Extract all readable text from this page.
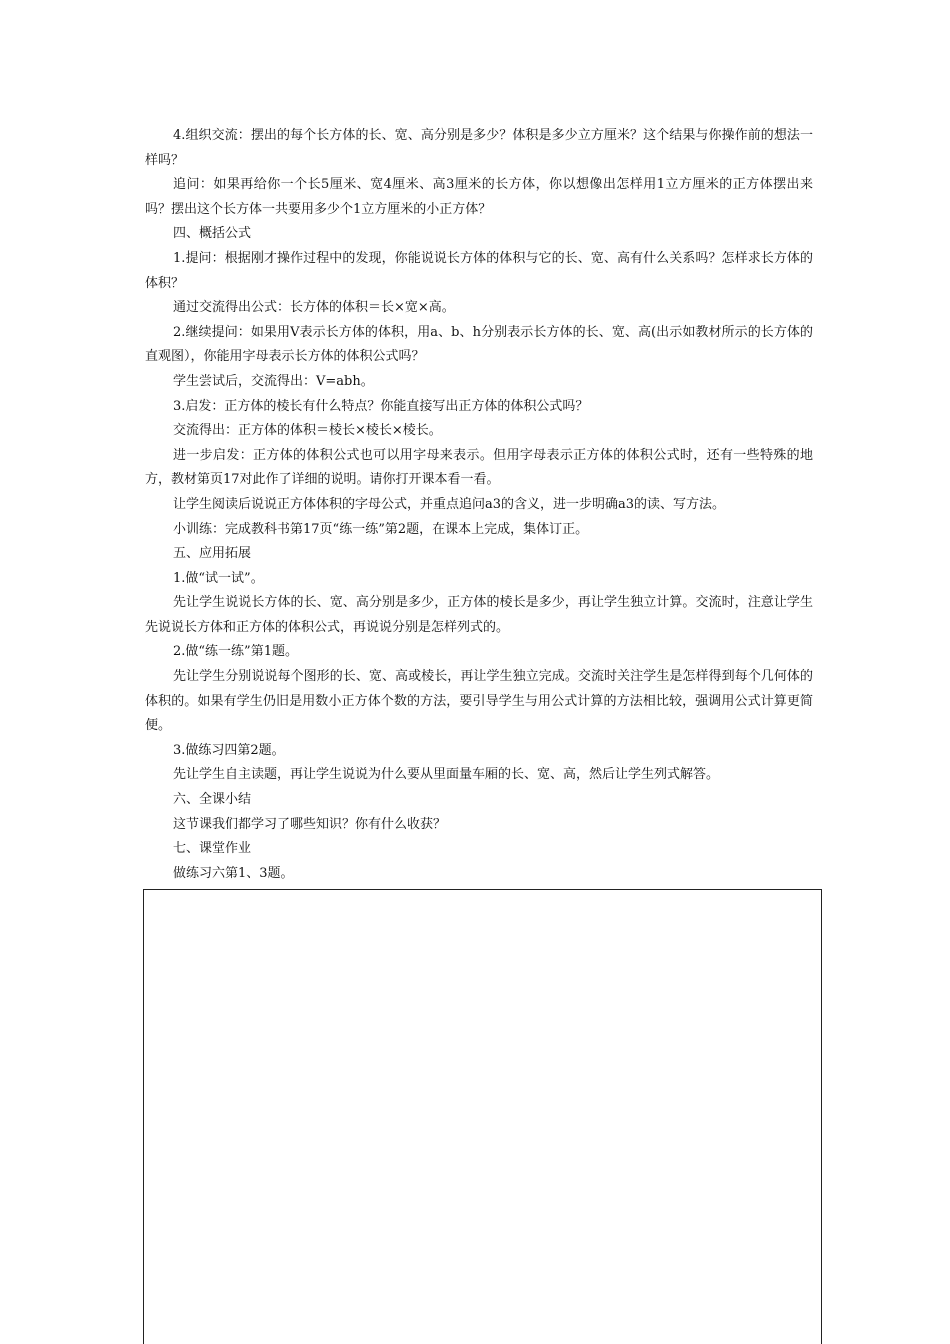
4.组织交流：摆出的每个长方体的长、宽、高分别是多少？体积是多少立方厘米？这个结果与你操作前的想法一样吗？

追问：如果再给你一个长5厘米、宽4厘米、高3厘米的长方体，你以想像出怎样用1立方厘米的正方体摆出来吗？摆出这个长方体一共要用多少个1立方厘米的小正方体？

四、概括公式

1.提问：根据刚才操作过程中的发现，你能说说长方体的体积与它的长、宽、高有什么关系吗？怎样求长方体的体积？

通过交流得出公式：长方体的体积＝长×宽×高。

2.继续提问：如果用V表示长方体的体积，用a、b、h分别表示长方体的长、宽、高(出示如教材所示的长方体的直观图），你能用字母表示长方体的体积公式吗？

学生尝试后，交流得出：V=abh。

3.启发：正方体的棱长有什么特点？你能直接写出正方体的体积公式吗？

交流得出：正方体的体积＝棱长×棱长×棱长。

进一步启发：正方体的体积公式也可以用字母来表示。但用字母表示正方体的体积公式时，还有一些特殊的地方，教材第页17对此作了详细的说明。请你打开课本看一看。

让学生阅读后说说正方体体积的字母公式，并重点追问a3的含义，进一步明确a3的读、写方法。

小训练：完成教科书第17页“练一练”第2题，在课本上完成，集体订正。

五、应用拓展

1.做“试一试”。

先让学生说说长方体的长、宽、高分别是多少，正方体的棱长是多少，再让学生独立计算。交流时，注意让学生先说说长方体和正方体的体积公式，再说说分别是怎样列式的。

2.做“练一练”第1题。

先让学生分别说说每个图形的长、宽、高或棱长，再让学生独立完成。交流时关注学生是怎样得到每个几何体的体积的。如果有学生仍旧是用数小正方体个数的方法，要引导学生与用公式计算的方法相比较，强调用公式计算更简便。

3.做练习四第2题。

先让学生自主读题，再让学生说说为什么要从里面量车厢的长、宽、高，然后让学生列式解答。

六、全课小结

这节课我们都学习了哪些知识？你有什么收获？

七、课堂作业

做练习六第1、3题。
